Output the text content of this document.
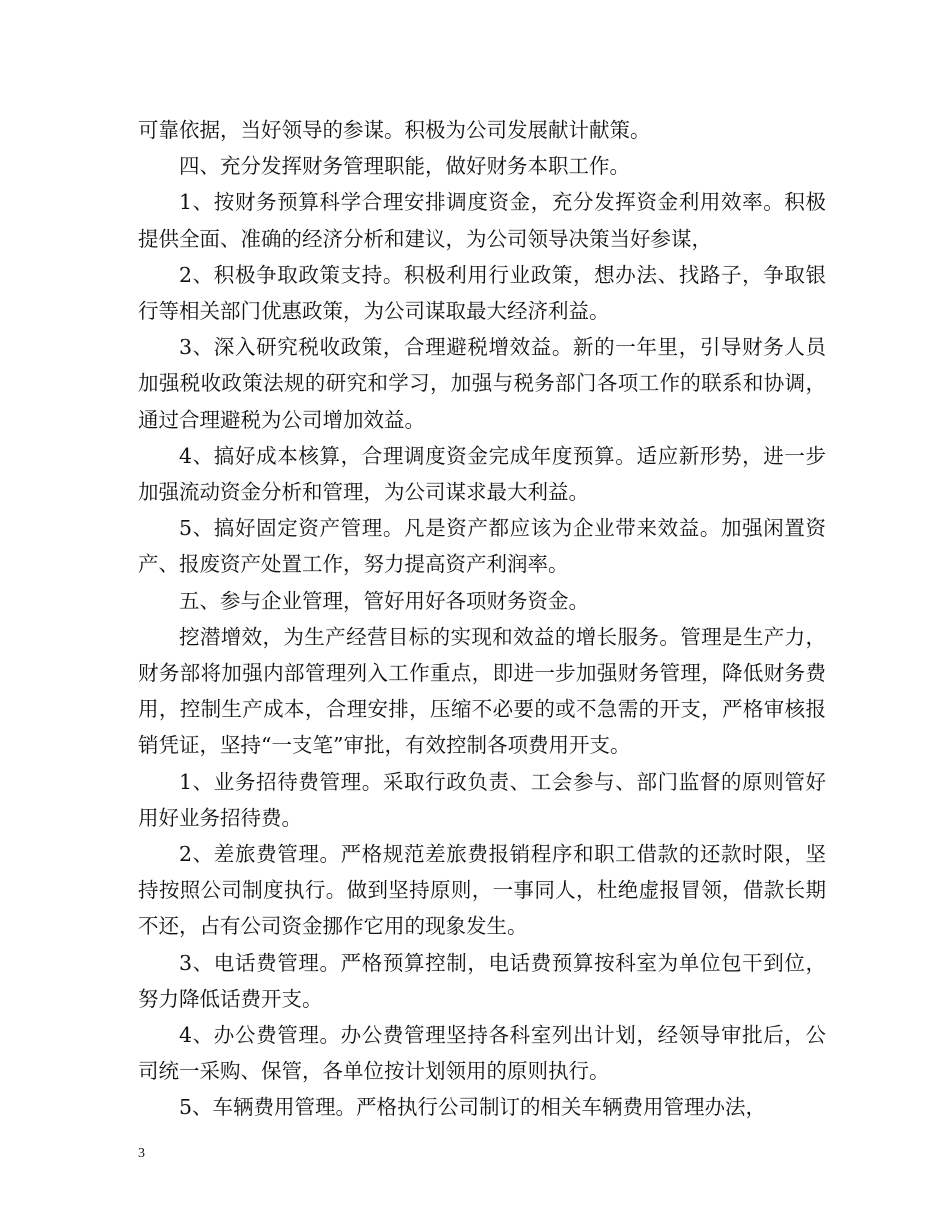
可靠依据，当好领导的参谋。积极为公司发展献计献策。

四、充分发挥财务管理职能，做好财务本职工作。

1、按财务预算科学合理安排调度资金，充分发挥资金利用效率。积极提供全面、准确的经济分析和建议，为公司领导决策当好参谋，

2、积极争取政策支持。积极利用行业政策，想办法、找路子，争取银行等相关部门优惠政策，为公司谋取最大经济利益。

3、深入研究税收政策，合理避税增效益。新的一年里，引导财务人员加强税收政策法规的研究和学习，加强与税务部门各项工作的联系和协调，通过合理避税为公司增加效益。

4、搞好成本核算，合理调度资金完成年度预算。适应新形势，进一步加强流动资金分析和管理，为公司谋求最大利益。

5、搞好固定资产管理。凡是资产都应该为企业带来效益。加强闲置资产、报废资产处置工作，努力提高资产利润率。

五、参与企业管理，管好用好各项财务资金。

挖潜增效，为生产经营目标的实现和效益的增长服务。管理是生产力，财务部将加强内部管理列入工作重点，即进一步加强财务管理，降低财务费用，控制生产成本，合理安排，压缩不必要的或不急需的开支，严格审核报销凭证，坚持“一支笔”审批，有效控制各项费用开支。

1、业务招待费管理。采取行政负责、工会参与、部门监督的原则管好用好业务招待费。

2、差旅费管理。严格规范差旅费报销程序和职工借款的还款时限，坚持按照公司制度执行。做到坚持原则，一事同人，杜绝虚报冒领，借款长期不还，占有公司资金挪作它用的现象发生。

3、电话费管理。严格预算控制，电话费预算按科室为单位包干到位，努力降低话费开支。

4、办公费管理。办公费管理坚持各科室列出计划，经领导审批后，公司统一采购、保管，各单位按计划领用的原则执行。

5、车辆费用管理。严格执行公司制订的相关车辆费用管理办法，

3
